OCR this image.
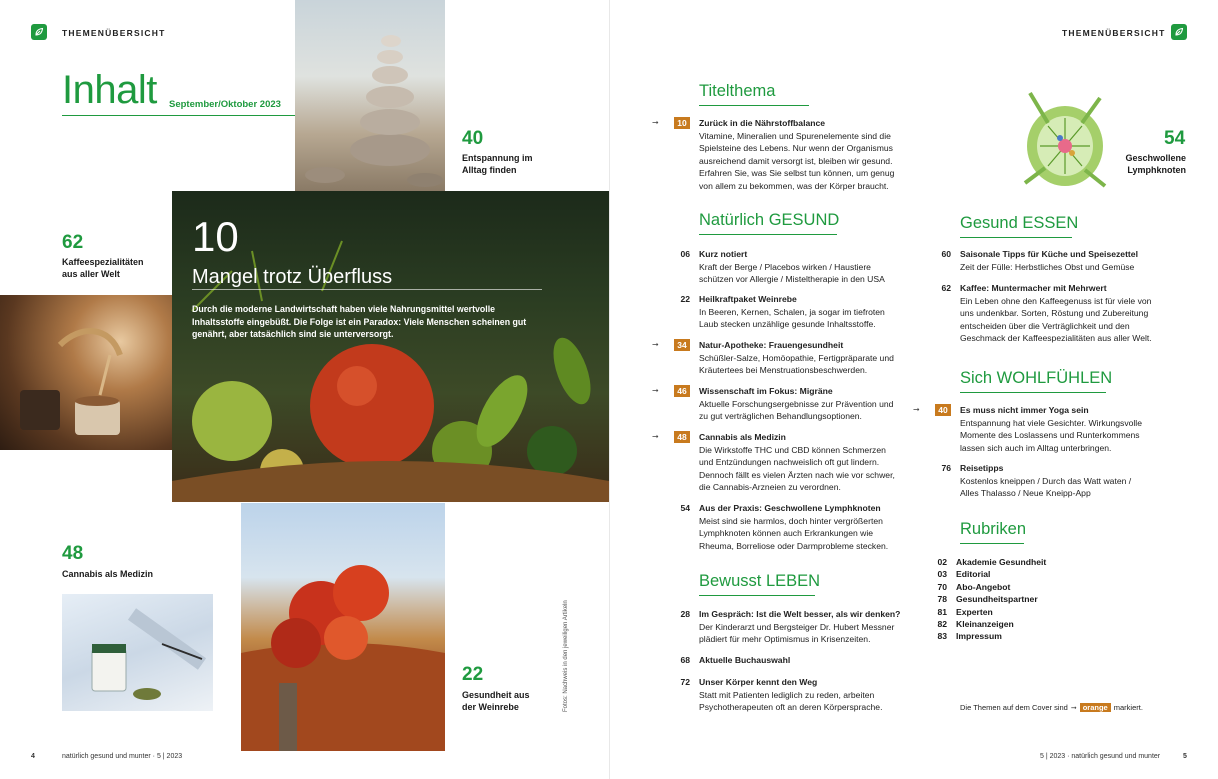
THEMENÜBERSICHT
Inhalt September/Oktober 2023
40
Entspannung im
Alltag finden
62
Kaffeespezialitäten
aus aller Welt
10
Mangel trotz Überfluss
Durch die moderne Landwirtschaft haben viele Nahrungsmittel wertvolle Inhaltsstoffe eingebüßt. Die Folge ist ein Paradox: Viele Menschen scheinen gut genährt, aber tatsächlich sind sie unterversorgt.
48
Cannabis als Medizin
Fotos: Nachweis in den jeweiligen Artikeln
22
Gesundheit aus
der Weinrebe
4	natürlich gesund und munter · 5 | 2023
THEMENÜBERSICHT
54
Geschwollene
Lymphknoten
Titelthema
Natürlich GESUND
Bewusst LEBEN
Gesund ESSEN
Sich WOHLFÜHLEN
Rubriken
➞	10	Zurück in die Nährstoffbalance
Vitamine, Mineralien und Spurenelemente sind die
Spielsteine des Lebens. Nur wenn der Organismus
ausreichend damit versorgt ist, bleiben wir gesund.
Erfahren Sie, was Sie selbst tun können, um genug
von allem zu bekommen, was der Körper braucht.
06 Kurz notiert
Kraft der Berge / Placebos wirken / Haustiere
schützen vor Allergie / Misteltherapie in den USA
22 Heilkraftpaket Weinrebe
In Beeren, Kernen, Schalen, ja sogar im tiefroten
Laub stecken unzählige gesunde Inhaltsstoffe.
➞	34	Natur-Apotheke: Frauengesundheit
Schüßler-Salze, Homöopathie, Fertigpräparate und
Kräutertees bei Menstruationsbeschwerden.
➞	46	Wissenschaft im Fokus: Migräne
Aktuelle Forschungsergebnisse zur Prävention und
zu gut verträglichen Behandlungsoptionen.
➞	48	Cannabis als Medizin
Die Wirkstoffe THC und CBD können Schmerzen
und Entzündungen nachweislich oft gut lindern.
Dennoch fällt es vielen Ärzten nach wie vor schwer,
die Cannabis-Arzneien zu verordnen.
54 Aus der Praxis: Geschwollene Lymphknoten
Meist sind sie harmlos, doch hinter vergrößerten
Lymphknoten können auch Erkrankungen wie
Rheuma, Borreliose oder Darmprobleme stecken.
28 Im Gespräch: Ist die Welt besser, als wir denken?
Der Kinderarzt und Bergsteiger Dr. Hubert Messner
plädiert für mehr Optimismus in Krisenzeiten.
68 Aktuelle Buchauswahl
72 Unser Körper kennt den Weg
Statt mit Patienten lediglich zu reden, arbeiten
Psychotherapeuten oft an deren Körpersprache.
60 Saisonale Tipps für Küche und Speisezettel
Zeit der Fülle: Herbstliches Obst und Gemüse
62 Kaffee: Muntermacher mit Mehrwert
Ein Leben ohne den Kaffeegenuss ist für viele von
uns undenkbar. Sorten, Röstung und Zubereitung
entscheiden über die Verträglichkeit und den
Geschmack der Kaffeespezialitäten aus aller Welt.
➞	40	Es muss nicht immer Yoga sein
Entspannung hat viele Gesichter. Wirkungsvolle
Momente des Loslassens und Runterkommens
lassen sich auch im Alltag unterbringen.
76 Reisetipps
Kostenlos kneippen / Durch das Watt waten /
Alles Thalasso / Neue Kneipp-App
02 Akademie Gesundheit
03 Editorial
70 Abo-Angebot
78 Gesundheitspartner
81 Experten
82 Kleinanzeigen
83 Impressum
Die Themen auf dem Cover sind ➞ orange markiert.
5 | 2023 · natürlich gesund und munter	5
